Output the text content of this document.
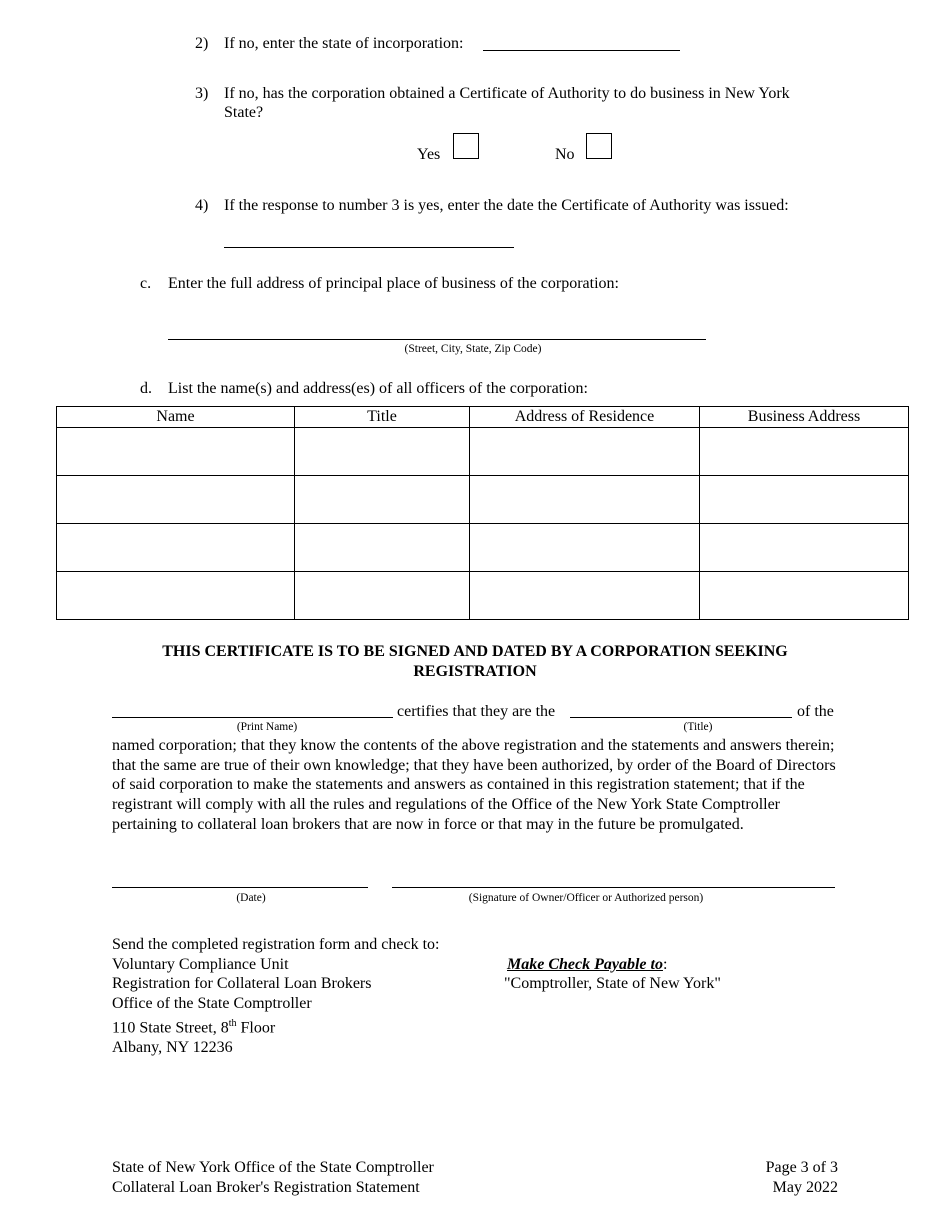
2) If no, enter the state of incorporation:
3) If no, has the corporation obtained a Certificate of Authority to do business in New York
State?
Yes	No
4) If the response to number 3 is yes, enter the date the Certificate of Authority was issued:
c. Enter the full address of principal place of business of the corporation:
(Street, City, State, Zip Code)
d. List the name(s) and address(es) of all officers of the corporation:
Name	Title	Address of Residence	Business Address

THIS CERTIFICATE IS TO BE SIGNED AND DATED BY A CORPORATION SEEKING
REGISTRATION
certifies that they are the	of the
(Print Name)	(Title)
named corporation; that they know the contents of the above registration and the statements and answers therein; that the same are true of their own knowledge; that they have been authorized, by order of the Board of Directors of said corporation to make the statements and answers as contained in this registration statement; that if the registrant will comply with all the rules and regulations of the Office of the New York State Comptroller pertaining to collateral loan brokers that are now in force or that may in the future be promulgated.
(Date)	(Signature of Owner/Officer or Authorized person)
Send the completed registration form and check to:
Voluntary Compliance Unit
Registration for Collateral Loan Brokers
Office of the State Comptroller
110 State Street, 8th Floor
Albany, NY 12236
Make Check Payable to:
"Comptroller, State of New York"
State of New York Office of the State Comptroller
Collateral Loan Broker's Registration Statement
Page 3 of 3
May 2022
